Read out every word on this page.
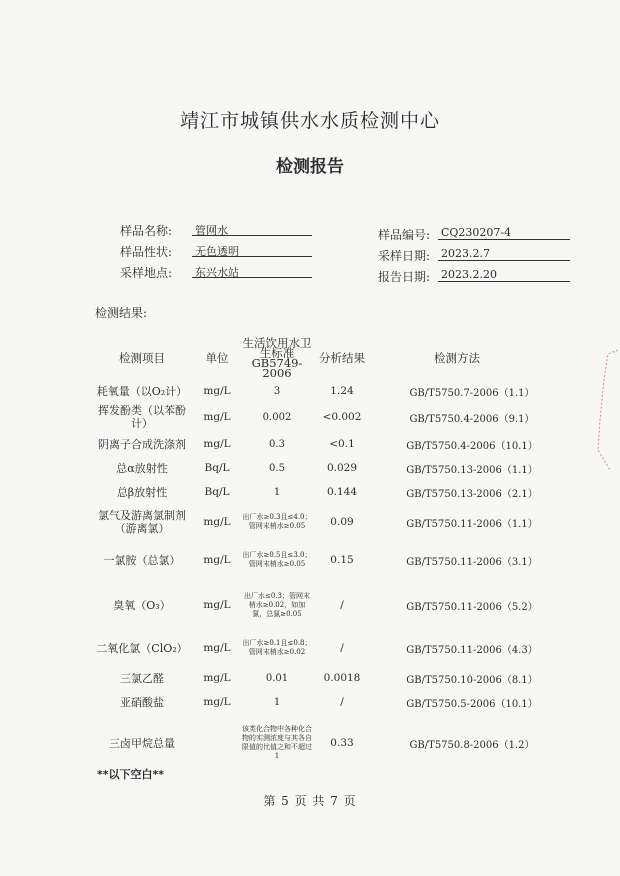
靖江市城镇供水水质检测中心
检测报告
样品名称: 管网水
样品性状: 无色透明
采样地点: 东兴水站
样品编号: CQ230207-4
采样日期: 2023.2.7
报告日期: 2023.2.20
检测结果:
检测项目	单位	生活饮用水卫生标准GB5749-2006	分析结果	检测方法
耗氧量（以O₂计）	mg/L	3	1.24	GB/T5750.7-2006（1.1）
挥发酚类（以苯酚计）	mg/L	0.002	<0.002	GB/T5750.4-2006（9.1）
阴离子合成洗涤剂	mg/L	0.3	<0.1	GB/T5750.4-2006（10.1）
总α放射性	Bq/L	0.5	0.029	GB/T5750.13-2006（1.1）
总β放射性	Bq/L	1	0.144	GB/T5750.13-2006（2.1）
氯气及游离氯制剂（游离氯）	mg/L	出厂水≥0.3且≤4.0；管网末梢水≥0.05	0.09	GB/T5750.11-2006（1.1）
一氯胺（总氯）	mg/L	出厂水≥0.5且≤3.0；管网末梢水≥0.05	0.15	GB/T5750.11-2006（3.1）
臭氧（O₃）	mg/L	出厂水≤0.3；管网末梢水≥0.02，如加氯，总氯≥0.05	/	GB/T5750.11-2006（5.2）
二氧化氯（ClO₂）	mg/L	出厂水≥0.1且≤0.8；管网末梢水≥0.02	/	GB/T5750.11-2006（4.3）
三氯乙醛	mg/L	0.01	0.0018	GB/T5750.10-2006（8.1）
亚硝酸盐	mg/L	1	/	GB/T5750.5-2006（10.1）
三卤甲烷总量		该类化合物中各种化合物的实测浓度与其各自限值的比值之和不超过1	0.33	GB/T5750.8-2006（1.2）
**以下空白**
第 5 页 共 7 页
